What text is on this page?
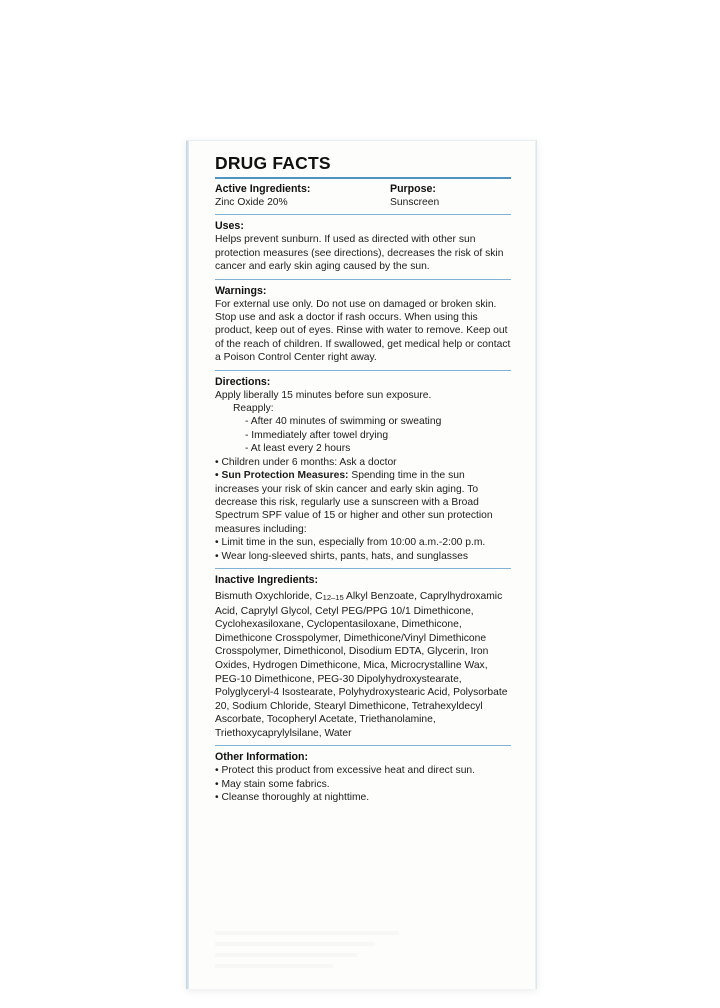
DRUG FACTS
Active Ingredients:
Zinc Oxide 20%
Purpose:
Sunscreen
Uses:
Helps prevent sunburn. If used as directed with other sun protection measures (see directions), decreases the risk of skin cancer and early skin aging caused by the sun.
Warnings:
For external use only. Do not use on damaged or broken skin. Stop use and ask a doctor if rash occurs. When using this product, keep out of eyes. Rinse with water to remove. Keep out of the reach of children. If swallowed, get medical help or contact a Poison Control Center right away.
Directions:
Apply liberally 15 minutes before sun exposure.
Reapply:
- After 40 minutes of swimming or sweating
- Immediately after towel drying
- At least every 2 hours
• Children under 6 months: Ask a doctor

• Sun Protection Measures: Spending time in the sun increases your risk of skin cancer and early skin aging. To decrease this risk, regularly use a sunscreen with a Broad Spectrum SPF value of 15 or higher and other sun protection measures including:

• Limit time in the sun, especially from 10:00 a.m.-2:00 p.m.
• Wear long-sleeved shirts, pants, hats, and sunglasses
Inactive Ingredients:

Bismuth Oxychloride, C12–15 Alkyl Benzoate, Caprylhydroxamic Acid, Caprylyl Glycol, Cetyl PEG/PPG 10/1 Dimethicone, Cyclohexasiloxane, Cyclopentasiloxane, Dimethicone, Dimethicone Crosspolymer, Dimethicone/Vinyl Dimethicone Crosspolymer, Dimethiconol, Disodium EDTA, Glycerin, Iron Oxides, Hydrogen Dimethicone, Mica, Microcrystalline Wax, PEG-10 Dimethicone, PEG-30 Dipolyhydroxystearate, Polyglyceryl-4 Isostearate, Polyhydroxystearic Acid, Polysorbate 20, Sodium Chloride, Stearyl Dimethicone, Tetrahexyldecyl Ascorbate, Tocopheryl Acetate, Triethanolamine, Triethoxycaprylylsilane, Water

Other Information:
• Protect this product from excessive heat and direct sun.
• May stain some fabrics.
• Cleanse thoroughly at nighttime.
